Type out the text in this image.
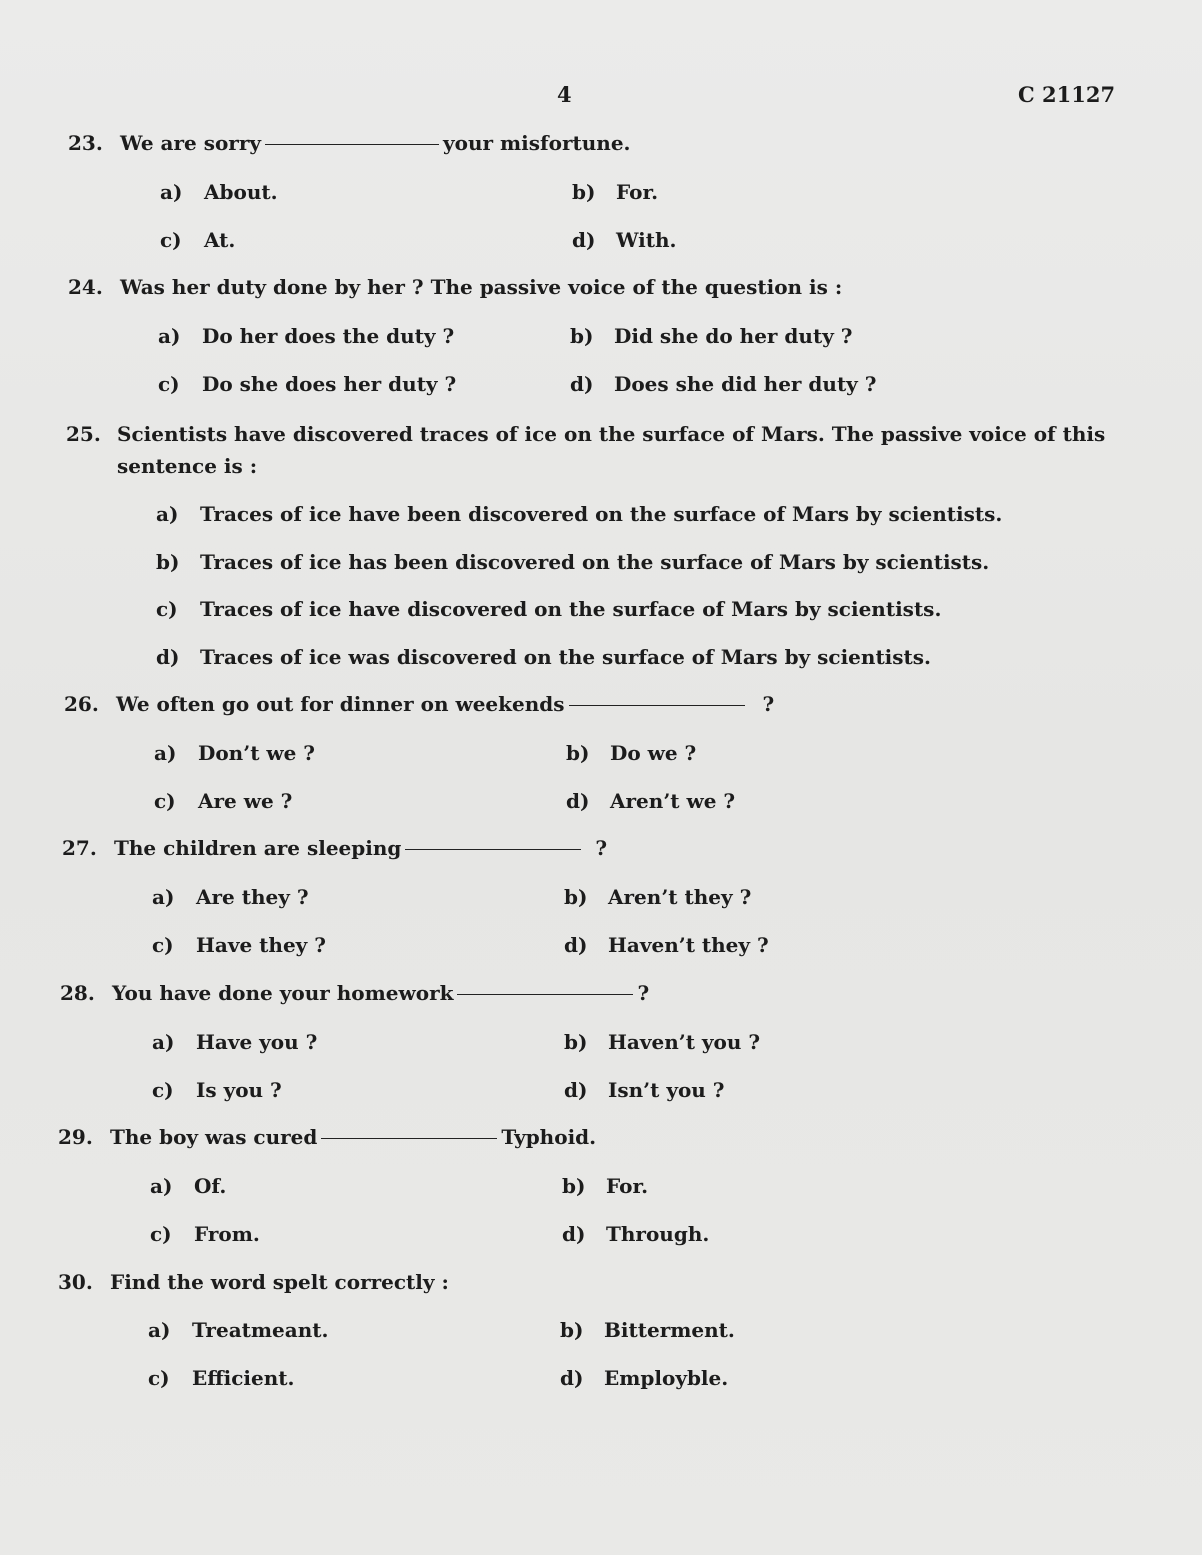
4	C 21127
23. We are sorry	your misfortune.
a) About.	b) For.
c) At.	d) With.
24. Was her duty done by her ? The passive voice of the question is :
a) Do her does the duty ?	b) Did she do her duty ?
c) Do she does her duty ?	d) Does she did her duty ?
25. Scientists have discovered traces of ice on the surface of Mars. The passive voice of this sentence is :
a) Traces of ice have been discovered on the surface of Mars by scientists.
b) Traces of ice has been discovered on the surface of Mars by scientists.
c) Traces of ice have discovered on the surface of Mars by scientists.
d) Traces of ice was discovered on the surface of Mars by scientists.
26. We often go out for dinner on weekends	?
a) Don’t we ?	b) Do we ?
c) Are we ?	d) Aren’t we ?
27. The children are sleeping	?
a) Are they ?	b) Aren’t they ?
c) Have they ?	d) Haven’t they ?
28. You have done your homework	?
a) Have you ?	b) Haven’t you ?
c) Is you ?	d) Isn’t you ?
29. The boy was cured	Typhoid.
a) Of.	b) For.
c) From.	d) Through.
30. Find the word spelt correctly :
a) Treatmeant.	b) Bitterment.
c) Efficient.	d) Employble.
